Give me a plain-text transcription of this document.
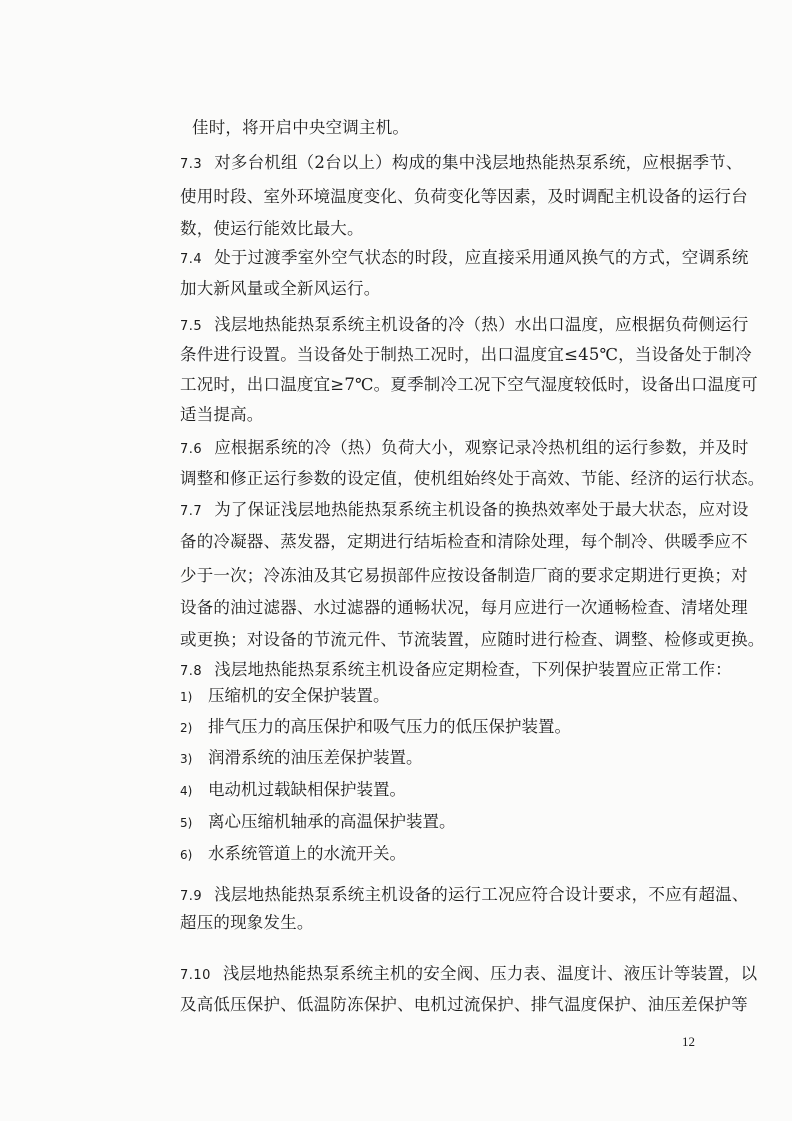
佳时，将开启中央空调主机。
7.3 对多台机组（2台以上）构成的集中浅层地热能热泵系统，应根据季节、
使用时段、室外环境温度变化、负荷变化等因素，及时调配主机设备的运行台
数，使运行能效比最大。
7.4 处于过渡季室外空气状态的时段，应直接采用通风换气的方式，空调系统
加大新风量或全新风运行。
7.5 浅层地热能热泵系统主机设备的冷（热）水出口温度，应根据负荷侧运行
条件进行设置。当设备处于制热工况时，出口温度宜≤45℃，当设备处于制冷
工况时，出口温度宜≥7℃。夏季制冷工况下空气湿度较低时，设备出口温度可
适当提高。
7.6 应根据系统的冷（热）负荷大小，观察记录冷热机组的运行参数，并及时
调整和修正运行参数的设定值，使机组始终处于高效、节能、经济的运行状态。
7.7 为了保证浅层地热能热泵系统主机设备的换热效率处于最大状态，应对设
备的冷凝器、蒸发器，定期进行结垢检查和清除处理，每个制冷、供暖季应不
少于一次；冷冻油及其它易损部件应按设备制造厂商的要求定期进行更换；对
设备的油过滤器、水过滤器的通畅状况，每月应进行一次通畅检查、清堵处理
或更换；对设备的节流元件、节流装置，应随时进行检查、调整、检修或更换。
7.8 浅层地热能热泵系统主机设备应定期检查，下列保护装置应正常工作：
1) 压缩机的安全保护装置。
2) 排气压力的高压保护和吸气压力的低压保护装置。
3) 润滑系统的油压差保护装置。
4) 电动机过载缺相保护装置。
5) 离心压缩机轴承的高温保护装置。
6) 水系统管道上的水流开关。
7.9 浅层地热能热泵系统主机设备的运行工况应符合设计要求，不应有超温、
超压的现象发生。
7.10 浅层地热能热泵系统主机的安全阀、压力表、温度计、液压计等装置，以
及高低压保护、低温防冻保护、电机过流保护、排气温度保护、油压差保护等
12
